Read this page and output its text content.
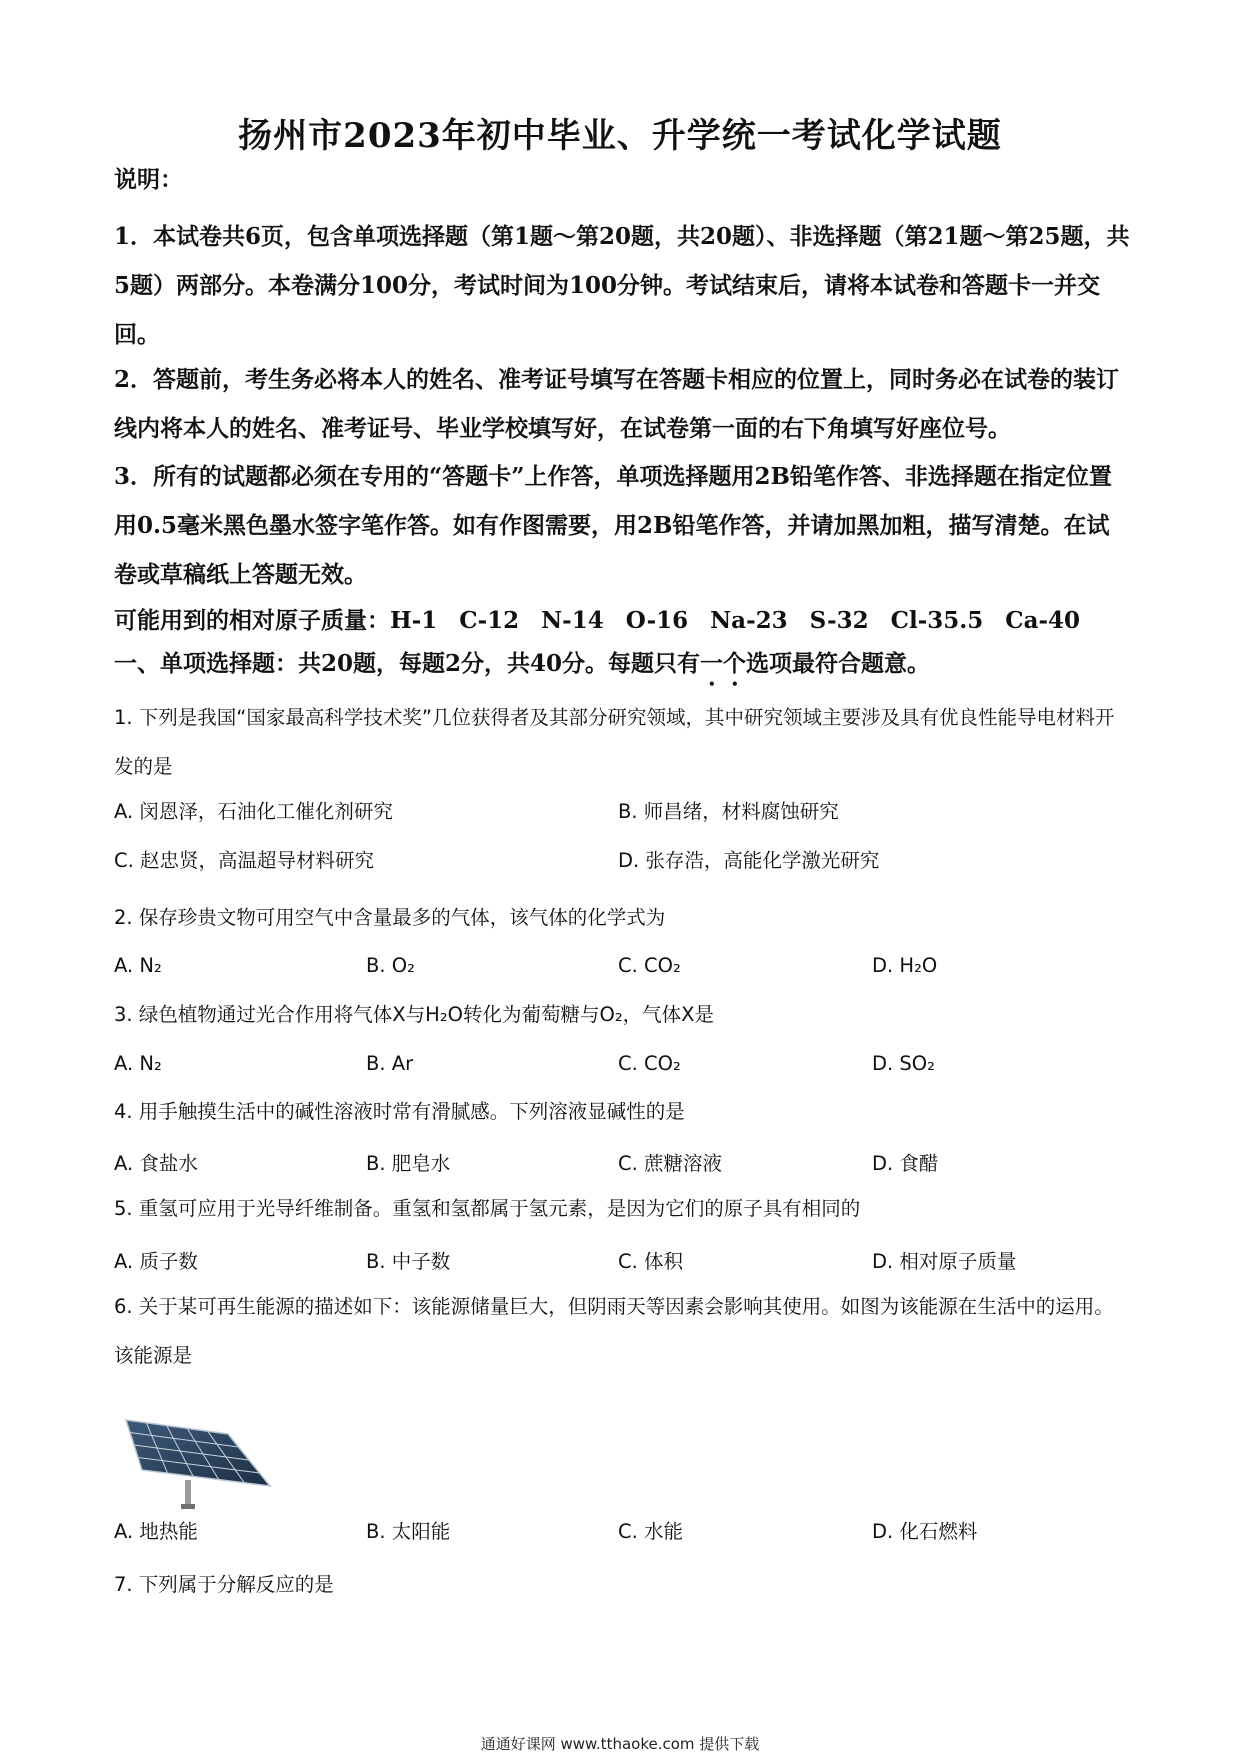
扬州市2023年初中毕业、升学统一考试化学试题
说明：
1．本试卷共6页，包含单项选择题（第1题～第20题，共20题）、非选择题（第21题～第25题，共5题）两部分。本卷满分100分，考试时间为100分钟。考试结束后，请将本试卷和答题卡一并交回。
2．答题前，考生务必将本人的姓名、准考证号填写在答题卡相应的位置上，同时务必在试卷的装订线内将本人的姓名、准考证号、毕业学校填写好，在试卷第一面的右下角填写好座位号。
3．所有的试题都必须在专用的“答题卡”上作答，单项选择题用2B铅笔作答、非选择题在指定位置用0.5毫米黑色墨水签字笔作答。如有作图需要，用2B铅笔作答，并请加黑加粗，描写清楚。在试卷或草稿纸上答题无效。
可能用到的相对原子质量：H-1 C-12 N-14 O-16 Na-23 S-32 Cl-35.5 Ca-40
一、单项选择题：共20题，每题2分，共40分。每题只有一个选项最符合题意。
1. 下列是我国“国家最高科学技术奖”几位获得者及其部分研究领域，其中研究领域主要涉及具有优良性能导电材料开发的是
A. 闵恩泽，石油化工催化剂研究	B. 师昌绪，材料腐蚀研究
C. 赵忠贤，高温超导材料研究	D. 张存浩，高能化学激光研究
2. 保存珍贵文物可用空气中含量最多的气体，该气体的化学式为
A. N₂	B. O₂	C. CO₂	D. H₂O
3. 绿色植物通过光合作用将气体X与H₂O转化为葡萄糖与O₂，气体X是
A. N₂	B. Ar	C. CO₂	D. SO₂
4. 用手触摸生活中的碱性溶液时常有滑腻感。下列溶液显碱性的是
A. 食盐水	B. 肥皂水	C. 蔗糖溶液	D. 食醋
5. 重氢可应用于光导纤维制备。重氢和氢都属于氢元素，是因为它们的原子具有相同的
A. 质子数	B. 中子数	C. 体积	D. 相对原子质量
6. 关于某可再生能源的描述如下：该能源储量巨大，但阴雨天等因素会影响其使用。如图为该能源在生活中的运用。该能源是
A. 地热能	B. 太阳能	C. 水能	D. 化石燃料
7. 下列属于分解反应的是
通通好课网 www.tthaoke.com 提供下载
